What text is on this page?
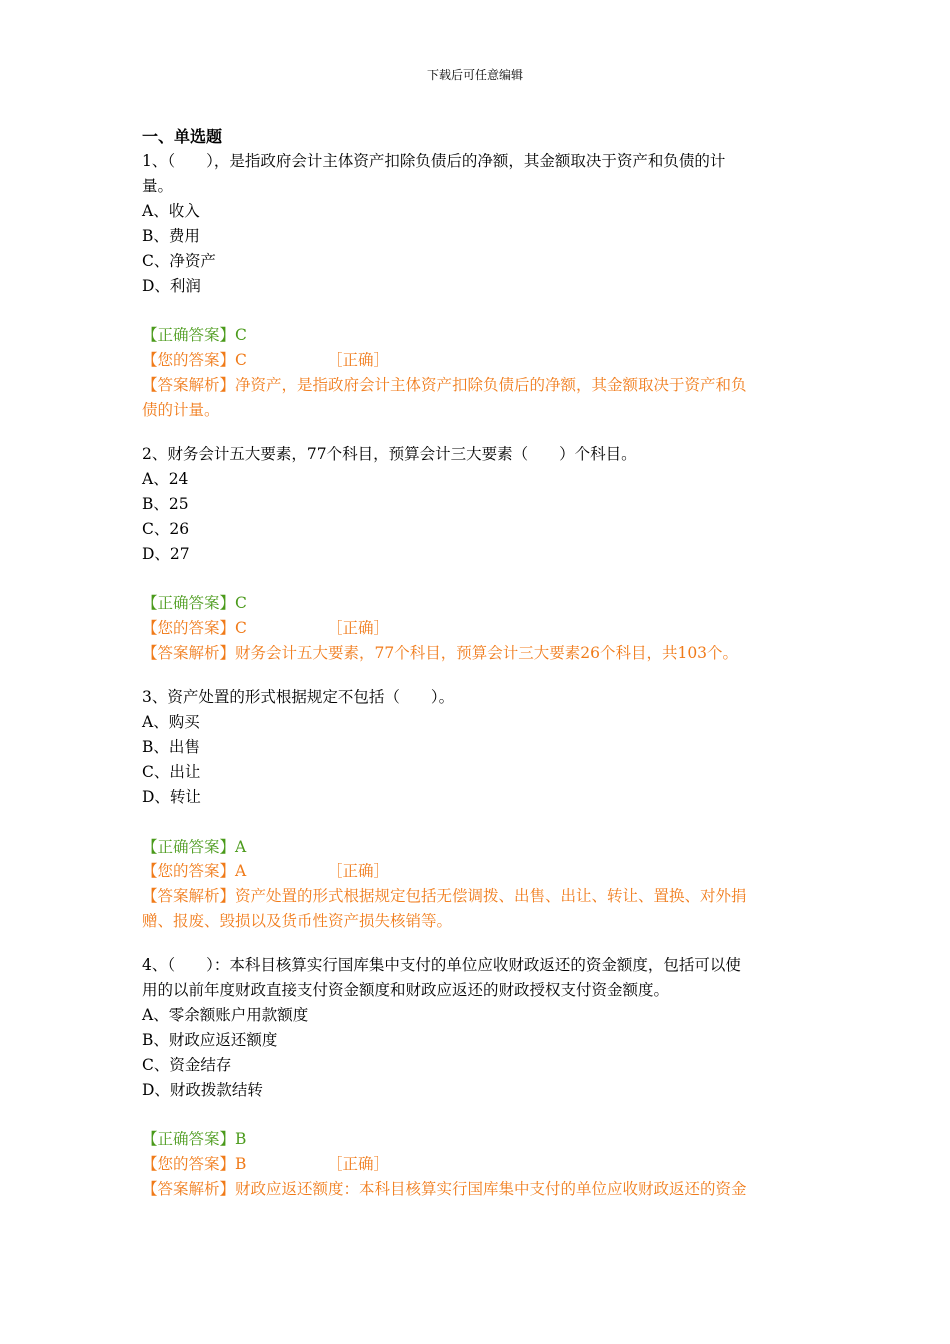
下载后可任意编辑
一、单选题
1、（　　），是指政府会计主体资产扣除负债后的净额，其金额取决于资产和负债的计
量。
A、收入
B、费用
C、净资产
D、利润
【正确答案】C
【您的答案】C	［正确］
【答案解析】净资产，是指政府会计主体资产扣除负债后的净额，其金额取决于资产和负
债的计量。
2、财务会计五大要素，77个科目，预算会计三大要素（　　）个科目。
A、24
B、25
C、26
D、27
【正确答案】C
【您的答案】C	［正确］
【答案解析】财务会计五大要素，77个科目，预算会计三大要素26个科目，共103个。
3、资产处置的形式根据规定不包括（　　）。
A、购买
B、出售
C、出让
D、转让
【正确答案】A
【您的答案】A	［正确］
【答案解析】资产处置的形式根据规定包括无偿调拨、出售、出让、转让、置换、对外捐
赠、报废、毁损以及货币性资产损失核销等。
4、（　　）：本科目核算实行国库集中支付的单位应收财政返还的资金额度，包括可以使
用的以前年度财政直接支付资金额度和财政应返还的财政授权支付资金额度。
A、零余额账户用款额度
B、财政应返还额度
C、资金结存
D、财政拨款结转
【正确答案】B
【您的答案】B	［正确］
【答案解析】财政应返还额度：本科目核算实行国库集中支付的单位应收财政返还的资金
